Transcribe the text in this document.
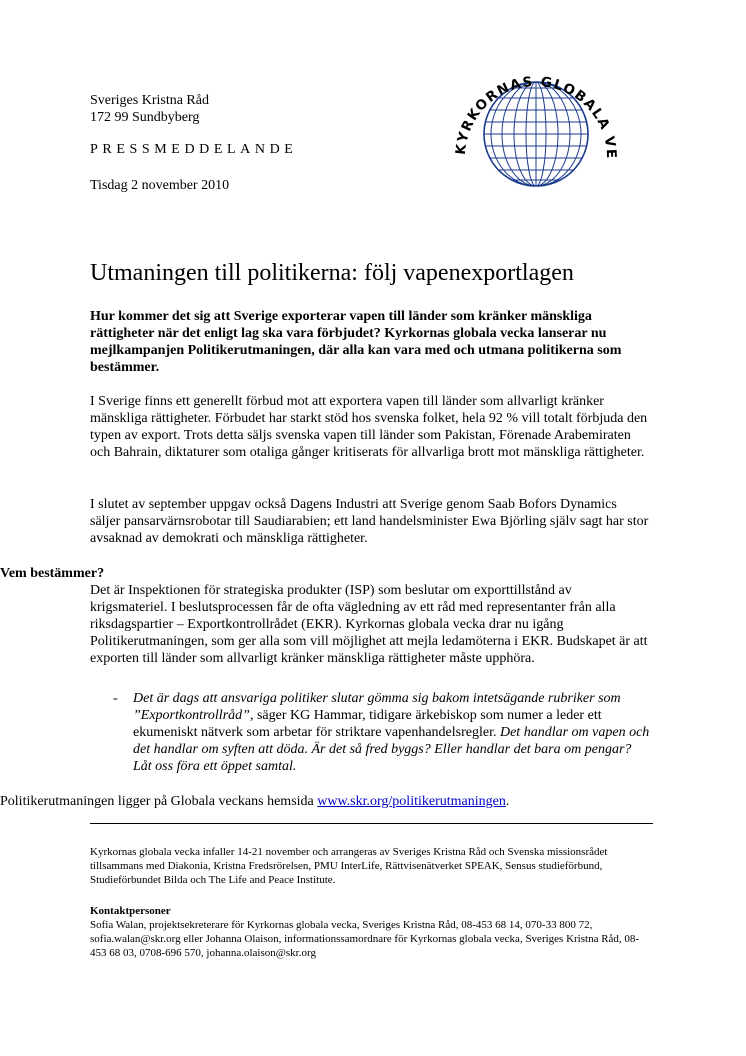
Sveriges Kristna Råd
172 99 Sundbyberg
PRESSMEDDELANDE
Tisdag 2 november 2010
KYRKORNAS GLOBALA VE
Utmaningen till politikerna: följ vapenexportlagen

Hur kommer det sig att Sverige exporterar vapen till länder som kränker mänskliga rättigheter när det enligt lag ska vara förbjudet? Kyrkornas globala vecka lanserar nu mejlkampanjen Politikerutmaningen, där alla kan vara med och utmana politikerna som bestämmer.

I Sverige finns ett generellt förbud mot att exportera vapen till länder som allvarligt kränker mänskliga rättigheter. Förbudet har starkt stöd hos svenska folket, hela 92 % vill totalt förbjuda den typen av export. Trots detta säljs svenska vapen till länder som Pakistan, Förenade Arabemiraten och Bahrain, diktaturer som otaliga gånger kritiserats för allvarliga brott mot mänskliga rättigheter.

I slutet av september uppgav också Dagens Industri att Sverige genom Saab Bofors Dynamics säljer pansarvärnsrobotar till Saudiarabien; ett land handelsminister Ewa Björling själv sagt har stor avsaknad av demokrati och mänskliga rättigheter.

Vem bestämmer?

Det är Inspektionen för strategiska produkter (ISP) som beslutar om exporttillstånd av krigsmateriel. I beslutsprocessen får de ofta vägledning av ett råd med representanter från alla riksdagspartier – Exportkontrollrådet (EKR). Kyrkornas globala vecka drar nu igång Politikerutmaningen, som ger alla som vill möjlighet att mejla ledamöterna i EKR. Budskapet är att exporten till länder som allvarligt kränker mänskliga rättigheter måste upphöra.

- Det är dags att ansvariga politiker slutar gömma sig bakom intetsägande rubriker som ”Exportkontrollråd”, säger KG Hammar, tidigare ärkebiskop som numer a leder ett ekumeniskt nätverk som arbetar för striktare vapenhandelsregler. Det handlar om vapen och det handlar om syften att döda. Är det så fred byggs? Eller handlar det bara om pengar? Låt oss föra ett öppet samtal.

Politikerutmaningen ligger på Globala veckans hemsida www.skr.org/politikerutmaningen.

Kyrkornas globala vecka infaller 14-21 november och arrangeras av Sveriges Kristna Råd och Svenska missionsrådet tillsammans med Diakonia, Kristna Fredsrörelsen, PMU InterLife, Rättvisenätverket SPEAK, Sensus studieförbund, Studieförbundet Bilda och The Life and Peace Institute.

Kontaktpersoner

Sofia Walan, projektsekreterare för Kyrkornas globala vecka, Sveriges Kristna Råd, 08-453 68 14, 070-33 800 72, sofia.walan@skr.org eller Johanna Olaison, informationssamordnare för Kyrkornas globala vecka, Sveriges Kristna Råd, 08-453 68 03, 0708-696 570, johanna.olaison@skr.org
